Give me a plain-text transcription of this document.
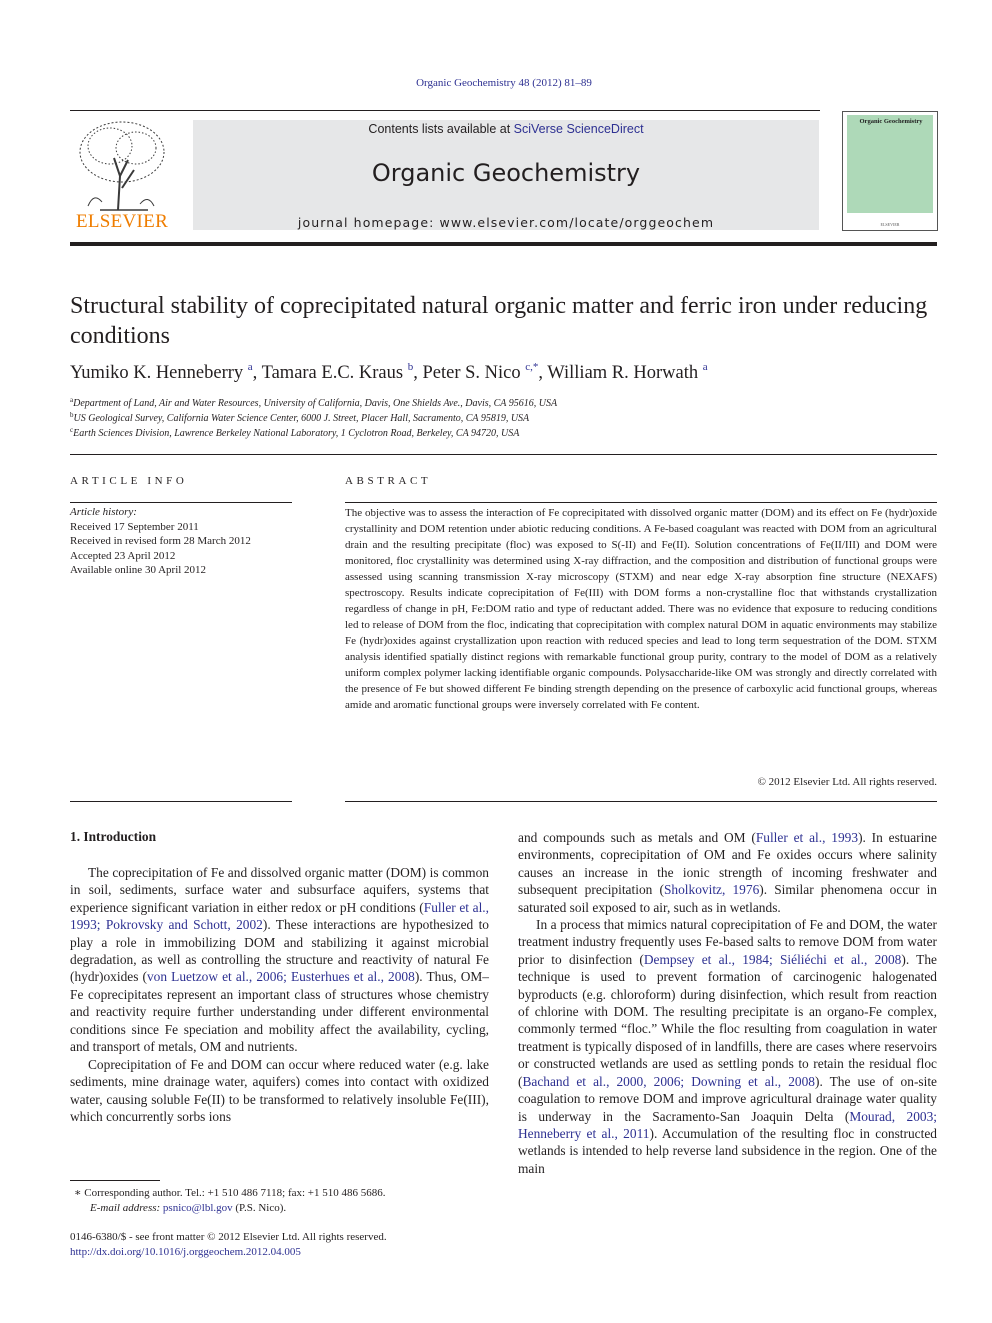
Organic Geochemistry 48 (2012) 81–89
ELSEVIER
Contents lists available at SciVerse ScienceDirect
Organic Geochemistry
journal homepage: www.elsevier.com/locate/orggeochem
Organic Geochemistry
ELSEVIER
Structural stability of coprecipitated natural organic matter and ferric iron under reducing conditions
Yumiko K. Henneberry $^a$, Tamara E.C. Kraus $^b$, Peter S. Nico $^{c,*}$, William R. Horwath $^a$
$^a$Department of Land, Air and Water Resources, University of California, Davis, One Shields Ave., Davis, CA 95616, USA
$^b$US Geological Survey, California Water Science Center, 6000 J. Street, Placer Hall, Sacramento, CA 95819, USA
$^c$Earth Sciences Division, Lawrence Berkeley National Laboratory, 1 Cyclotron Road, Berkeley, CA 94720, USA
ARTICLE INFO
Article history:
Received 17 September 2011
Received in revised form 28 March 2012
Accepted 23 April 2012
Available online 30 April 2012
ABSTRACT
The objective was to assess the interaction of Fe coprecipitated with dissolved organic matter (DOM) and its effect on Fe (hydr)oxide crystallinity and DOM retention under abiotic reducing conditions. A Fe-based coagulant was reacted with DOM from an agricultural drain and the resulting precipitate (floc) was exposed to S(-II) and Fe(II). Solution concentrations of Fe(II/III) and DOM were monitored, floc crystallinity was determined using X-ray diffraction, and the composition and distribution of functional groups were assessed using scanning transmission X-ray microscopy (STXM) and near edge X-ray absorption fine structure (NEXAFS) spectroscopy. Results indicate coprecipitation of Fe(III) with DOM forms a non-crystalline floc that withstands crystallization regardless of change in pH, Fe:DOM ratio and type of reductant added. There was no evidence that exposure to reducing conditions led to release of DOM from the floc, indicating that coprecipitation with complex natural DOM in aquatic environments may stabilize Fe (hydr)oxides against crystallization upon reaction with reduced species and lead to long term sequestration of the DOM. STXM analysis identified spatially distinct regions with remarkable functional group purity, contrary to the model of DOM as a relatively uniform complex polymer lacking identifiable organic compounds. Polysaccharide-like OM was strongly and directly correlated with the presence of Fe but showed different Fe binding strength depending on the presence of carboxylic acid functional groups, whereas amide and aromatic functional groups were inversely correlated with Fe content.
© 2012 Elsevier Ltd. All rights reserved.
1. Introduction

The coprecipitation of Fe and dissolved organic matter (DOM) is common in soil, sediments, surface water and subsurface aquifers, systems that experience significant variation in either redox or pH conditions (Fuller et al., 1993; Pokrovsky and Schott, 2002). These interactions are hypothesized to play a role in immobilizing DOM and stabilizing it against microbial degradation, as well as controlling the structure and reactivity of natural Fe (hydr)oxides (von Luetzow et al., 2006; Eusterhues et al., 2008). Thus, OM–Fe coprecipitates represent an important class of structures whose chemistry and reactivity require further understanding under different environmental conditions since Fe speciation and mobility affect the availability, cycling, and transport of metals, OM and nutrients.

Coprecipitation of Fe and DOM can occur where reduced water (e.g. lake sediments, mine drainage water, aquifers) comes into contact with oxidized water, causing soluble Fe(II) to be transformed to relatively insoluble Fe(III), which concurrently sorbs ions

and compounds such as metals and OM (Fuller et al., 1993). In estuarine environments, coprecipitation of OM and Fe oxides occurs where salinity causes an increase in the ionic strength of incoming freshwater and subsequent precipitation (Sholkovitz, 1976). Similar phenomena occur in saturated soil exposed to air, such as in wetlands.

In a process that mimics natural coprecipitation of Fe and DOM, the water treatment industry frequently uses Fe-based salts to remove DOM from water prior to disinfection (Dempsey et al., 1984; Siéliéchi et al., 2008). The technique is used to prevent formation of carcinogenic halogenated byproducts (e.g. chloroform) during disinfection, which result from reaction of chlorine with DOM. The resulting precipitate is an organo-Fe complex, commonly termed “floc.” While the floc resulting from coagulation in water treatment is typically disposed of in landfills, there are cases where reservoirs or constructed wetlands are used as settling ponds to retain the residual floc (Bachand et al., 2000, 2006; Downing et al., 2008). The use of on-site coagulation to remove DOM and improve agricultural drainage water quality is underway in the Sacramento-San Joaquin Delta (Mourad, 2003; Henneberry et al., 2011). Accumulation of the resulting floc in constructed wetlands is intended to help reverse land subsidence in the region. One of the main

∗ Corresponding author. Tel.: +1 510 486 7118; fax: +1 510 486 5686.
E-mail address: psnico@lbl.gov (P.S. Nico).
0146-6380/$ - see front matter © 2012 Elsevier Ltd. All rights reserved.
http://dx.doi.org/10.1016/j.orggeochem.2012.04.005
